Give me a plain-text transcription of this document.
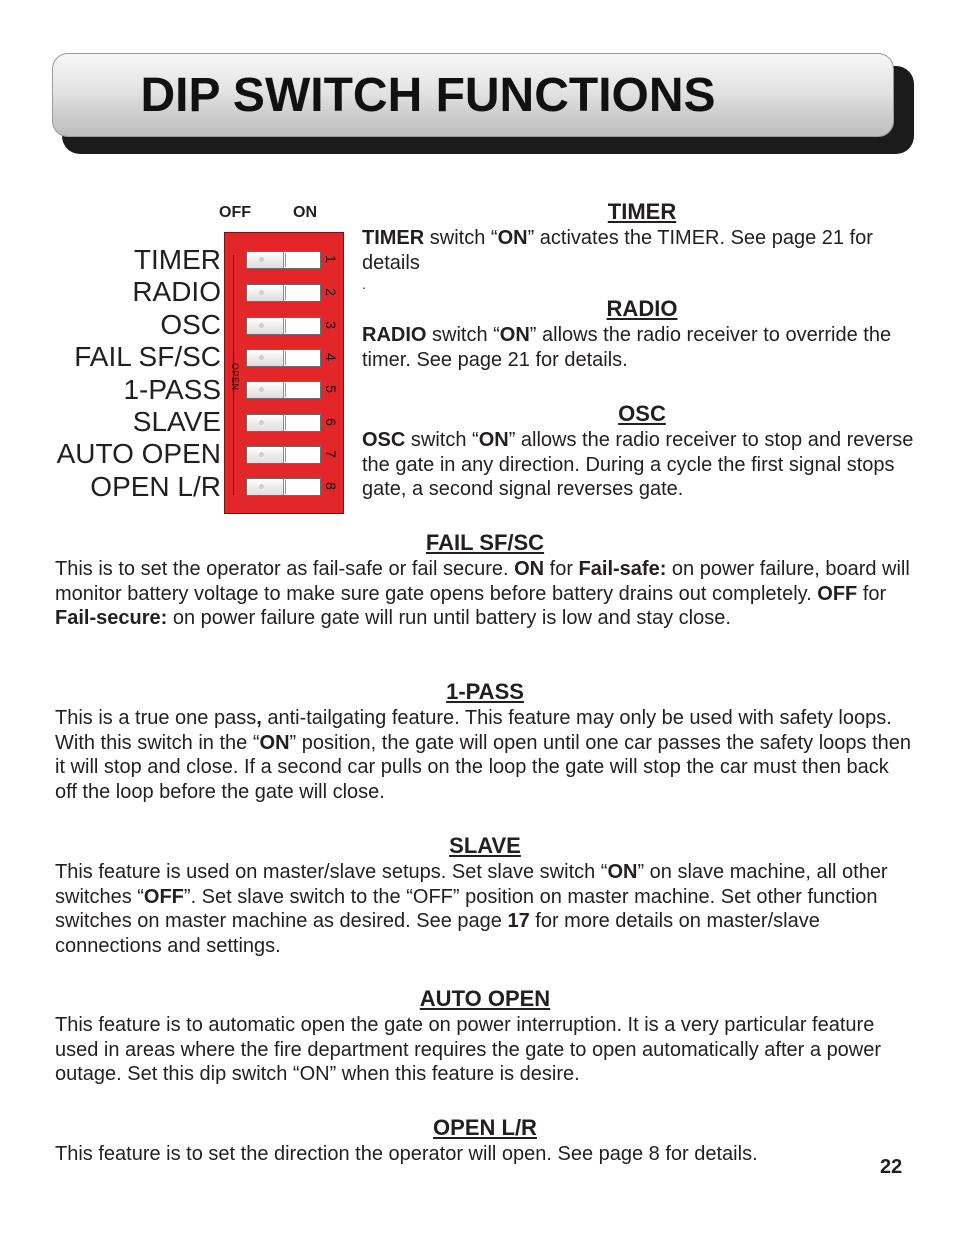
DIP SWITCH FUNCTIONS
OFF	ON
TIMER
RADIO
OSC
FAIL SF/SC
1-PASS
SLAVE
AUTO OPEN
OPEN L/R
OPEN
1
2
3
4
5
6
7
8
TIMER

TIMER switch “ON” activates the TIMER. See page 21 for details

.

RADIO

RADIO switch “ON” allows the radio receiver to override the timer. See page 21 for details.

OSC

OSC switch “ON” allows the radio receiver to stop and reverse the gate in any direction. During a cycle the first signal stops gate, a second signal reverses gate.

FAIL SF/SC

This is to set the operator as fail-safe or fail secure. ON for Fail-safe: on power failure, board will monitor battery voltage to make sure gate opens before battery drains out completely. OFF for Fail-secure: on power failure gate will run until battery is low and stay close.

1-PASS

This is a true one pass, anti-tailgating feature. This feature may only be used with safety loops. With this switch in the “ON” position, the gate will open until one car passes the safety loops then it will stop and close. If a second car pulls on the loop the gate will stop the car must then back off the loop before the gate will close.

SLAVE

This feature is used on master/slave setups. Set slave switch “ON” on slave machine, all other switches “OFF”. Set slave switch to the “OFF” position on master machine. Set other function switches on master machine as desired. See page 17 for more details on master/slave connections and settings.

AUTO OPEN

This feature is to automatic open the gate on power interruption. It is a very particular feature used in areas where the fire department requires the gate to open automatically after a power outage. Set this dip switch “ON” when this feature is desire.

OPEN L/R

This feature is to set the direction the operator will open. See page 8 for details.

22
